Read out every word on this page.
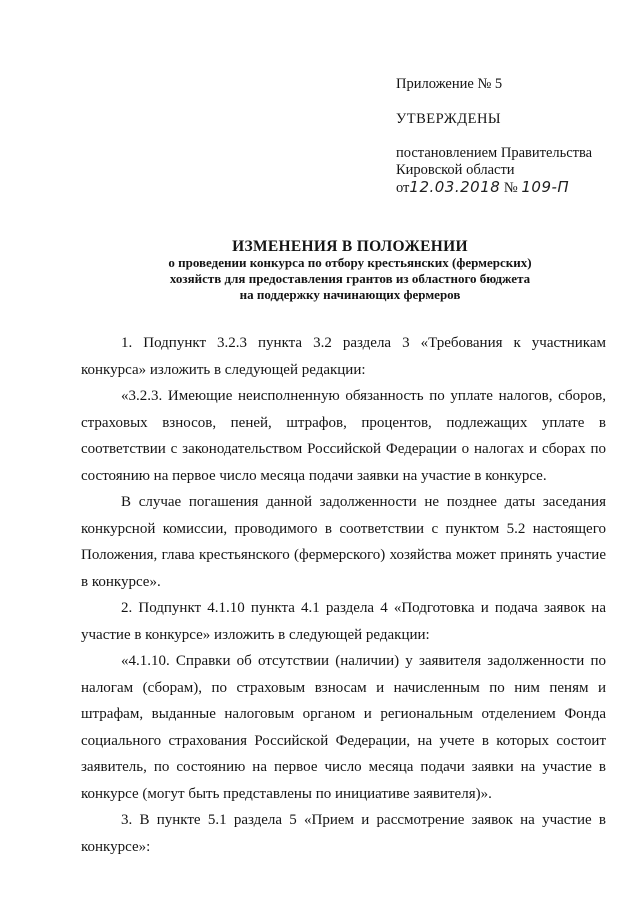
Приложение № 5
УТВЕРЖДЕНЫ
постановлением Правительства
Кировской области
от12.03.2018 № 109-П
ИЗМЕНЕНИЯ В ПОЛОЖЕНИИ
о проведении конкурса по отбору крестьянских (фермерских)
хозяйств для предоставления грантов из областного бюджета
на поддержку начинающих фермеров

1. Подпункт 3.2.3 пункта 3.2 раздела 3 «Требования к участникам конкурса» изложить в следующей редакции:

«3.2.3. Имеющие неисполненную обязанность по уплате налогов, сборов, страховых взносов, пеней, штрафов, процентов, подлежащих уплате в соответствии с законодательством Российской Федерации о налогах и сборах по состоянию на первое число месяца подачи заявки на участие в конкурсе.

В случае погашения данной задолженности не позднее даты заседания конкурсной комиссии, проводимого в соответствии с пунктом 5.2 настоящего Положения, глава крестьянского (фермерского) хозяйства может принять участие в конкурсе».

2. Подпункт 4.1.10 пункта 4.1 раздела 4 «Подготовка и подача заявок на участие в конкурсе» изложить в следующей редакции:

«4.1.10. Справки об отсутствии (наличии) у заявителя задолженности по налогам (сборам), по страховым взносам и начисленным по ним пеням и штрафам, выданные налоговым органом и региональным отделением Фонда социального страхования Российской Федерации, на учете в которых состоит заявитель, по состоянию на первое число месяца подачи заявки на участие в конкурсе (могут быть представлены по инициативе заявителя)».

3. В пункте 5.1 раздела 5 «Прием и рассмотрение заявок на участие в конкурсе»:
